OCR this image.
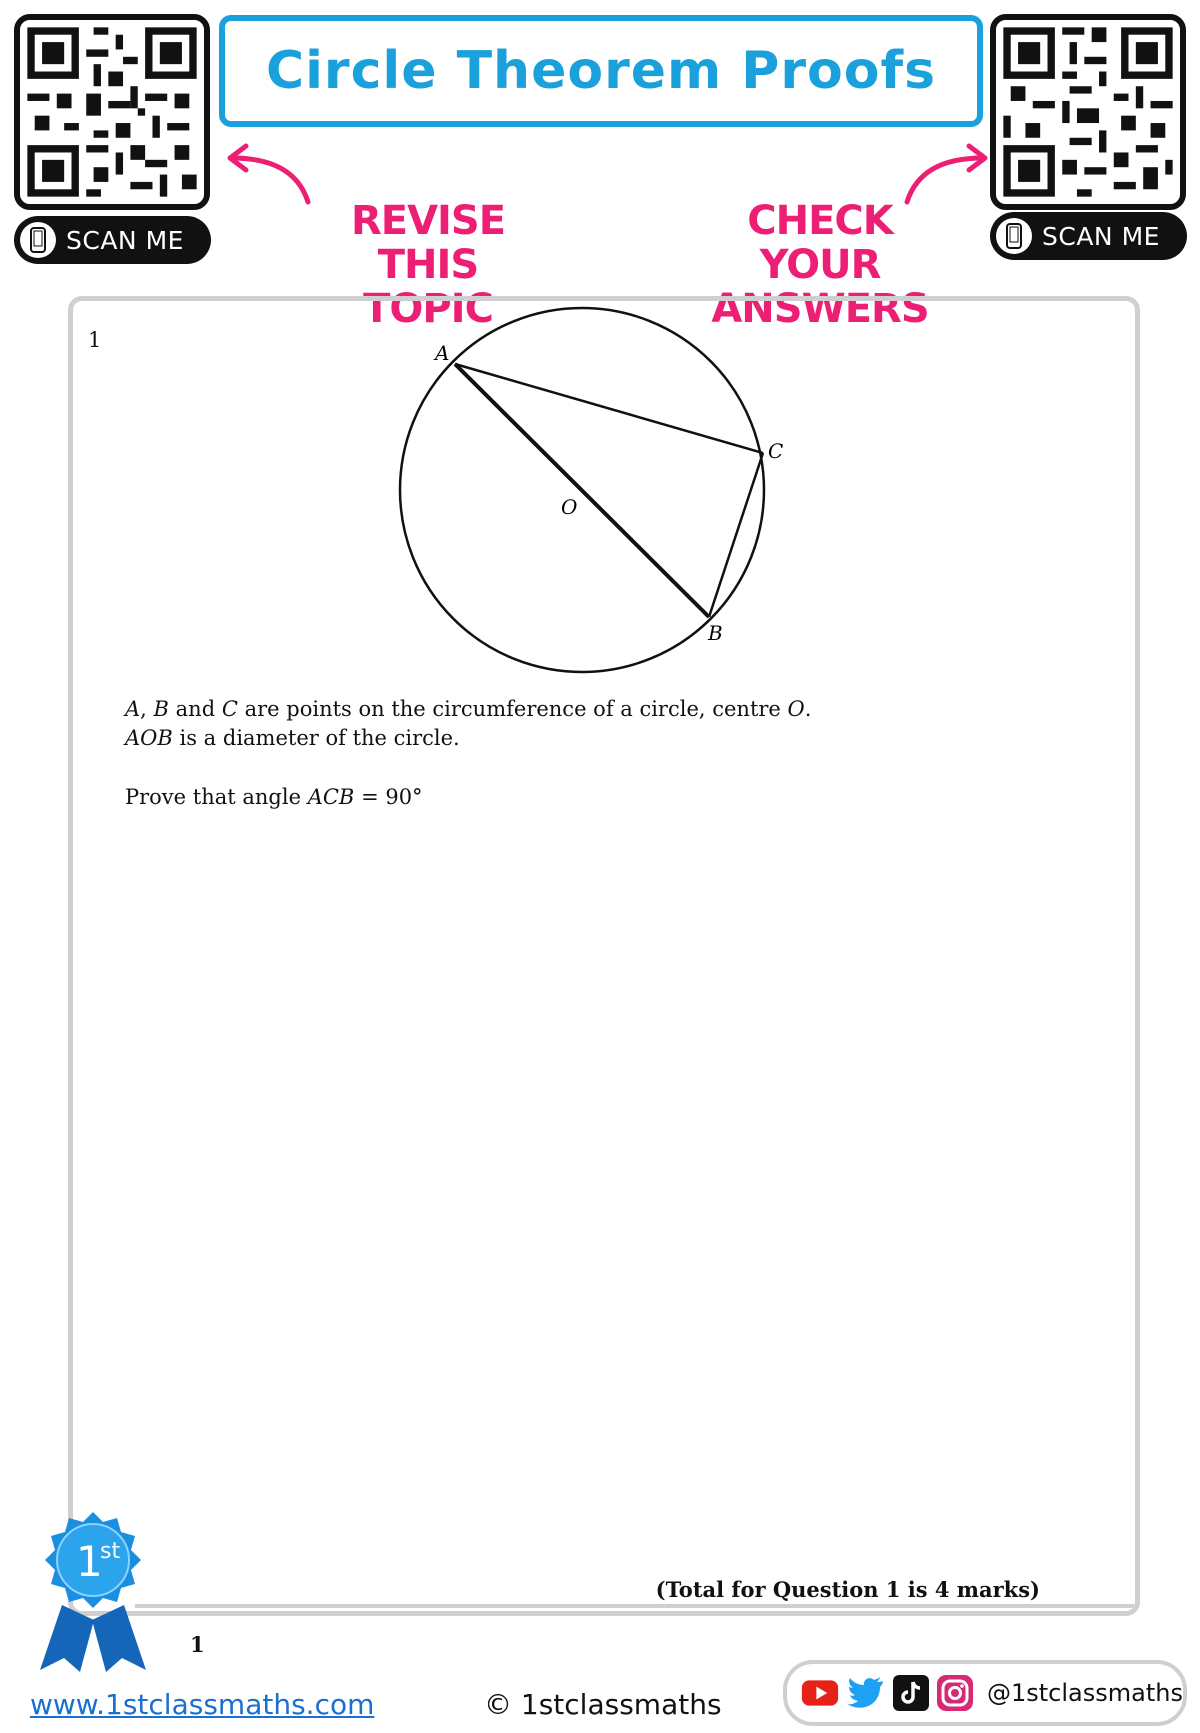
SCAN ME
Circle Theorem Proofs
SCAN ME
REVISE THIS
TOPIC
CHECK YOUR
ANSWERS
1
A
C
O
B
A, B and C are points on the circumference of a circle, centre O.
AOB is a diameter of the circle.
Prove that angle ACB = 90°
(Total for Question 1 is 4 marks)
1
st
1
www.1stclassmaths.com	© 1stclassmaths	@1stclassmaths
